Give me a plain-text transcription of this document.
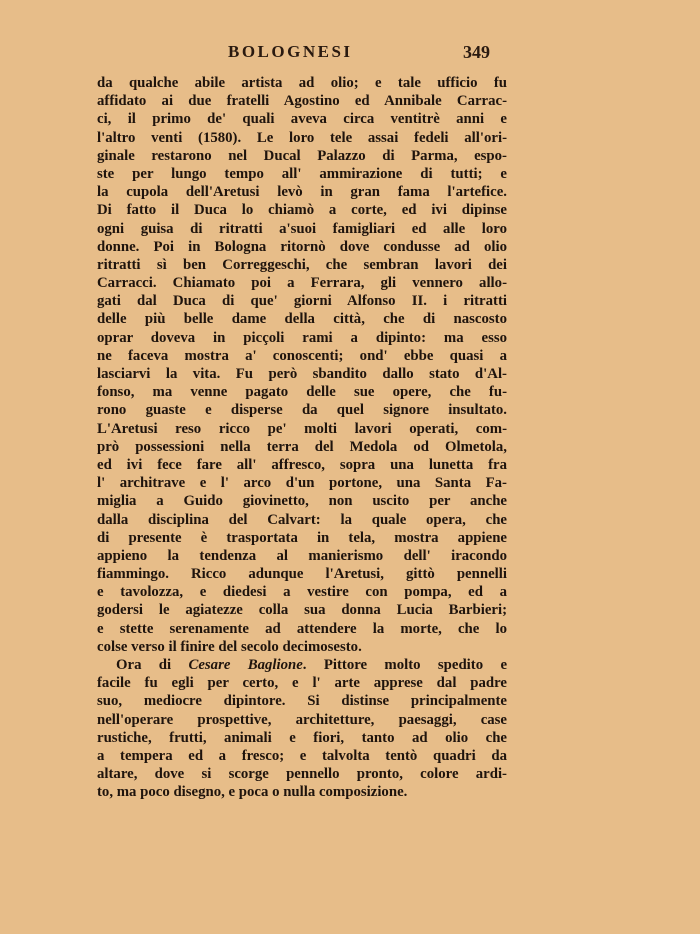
BOLOGNESI	349
da qualche abile artista ad olio; e tale ufficio fu
affidato ai due fratelli Agostino ed Annibale Carrac-
ci, il primo de' quali aveva circa ventitrè anni e
l'altro venti (1580). Le loro tele assai fedeli all'ori-
ginale restarono nel Ducal Palazzo di Parma, espo-
ste per lungo tempo all' ammirazione di tutti; e
la cupola dell'Aretusi levò in gran fama l'artefice.
Di fatto il Duca lo chiamò a corte, ed ivi dipinse
ogni guisa di ritratti a'suoi famigliari ed alle loro
donne. Poi in Bologna ritornò dove condusse ad olio
ritratti sì ben Correggeschi, che sembran lavori dei
Carracci. Chiamato poi a Ferrara, gli vennero allo-
gati dal Duca di que' giorni Alfonso II. i ritratti
delle più belle dame della città, che di nascosto
oprar doveva in picçoli rami a dipinto: ma esso
ne faceva mostra a' conoscenti; ond' ebbe quasi a
lasciarvi la vita. Fu però sbandito dallo stato d'Al-
fonso, ma venne pagato delle sue opere, che fu-
rono guaste e disperse da quel signore insultato.
L'Aretusi reso ricco pe' molti lavori operati, com-
prò possessioni nella terra del Medola od Olmetola,
ed ivi fece fare all' affresco, sopra una lunetta fra
l' architrave e l' arco d'un portone, una Santa Fa-
miglia a Guido giovinetto, non uscito per anche
dalla disciplina del Calvart: la quale opera, che
di presente è trasportata in tela, mostra appiene
appieno la tendenza al manierismo dell' iracondo
fiammingo. Ricco adunque l'Aretusi, gittò pennelli
e tavolozza, e diedesi a vestire con pompa, ed a
godersi le agiatezze colla sua donna Lucia Barbieri;
e stette serenamente ad attendere la morte, che lo
colse verso il finire del secolo decimosesto.
Ora di Cesare Baglione. Pittore molto spedito e
facile fu egli per certo, e l' arte apprese dal padre
suo, mediocre dipintore. Si distinse principalmente
nell'operare prospettive, architetture, paesaggi, case
rustiche, frutti, animali e fiori, tanto ad olio che
a tempera ed a fresco; e talvolta tentò quadri da
altare, dove si scorge pennello pronto, colore ardi-
to, ma poco disegno, e poca o nulla composizione.
